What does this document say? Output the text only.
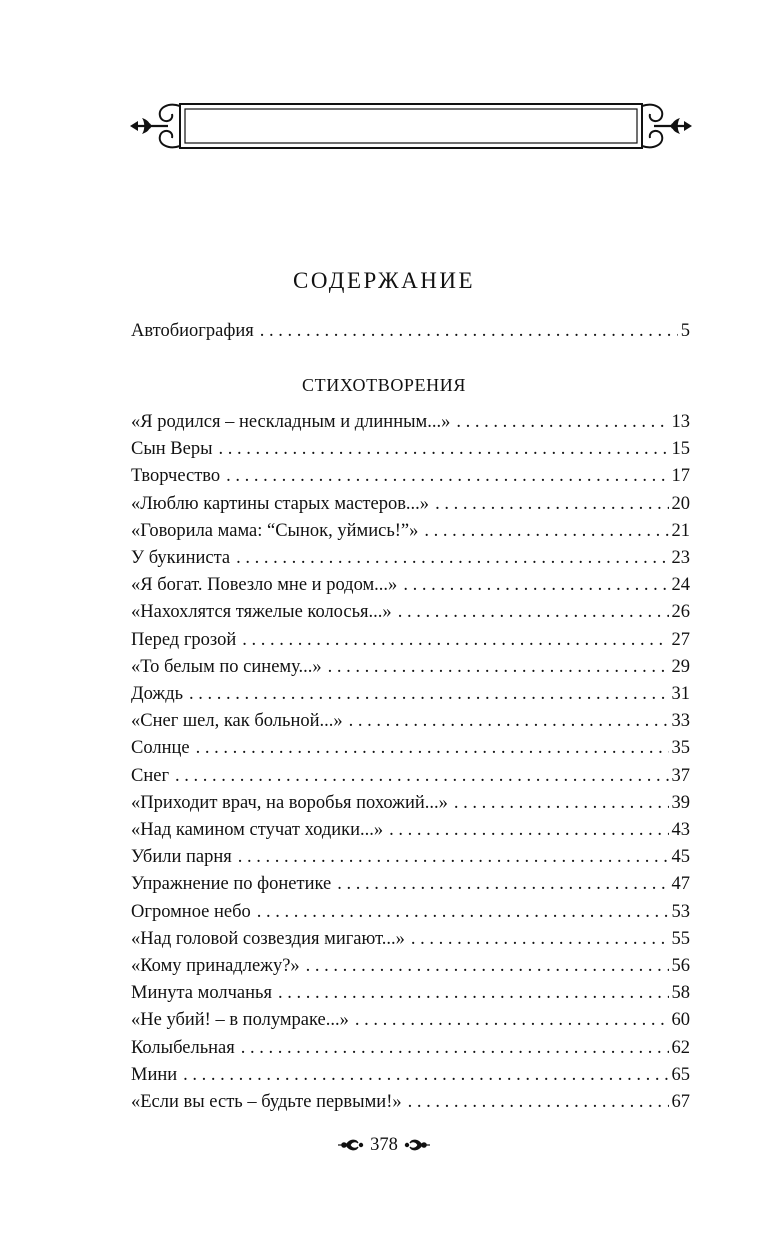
СОДЕРЖАНИЕ
Автобиография . . .	5
СТИХОТВОРЕНИЯ
«Я родился – нескладным и длинным...» . . .	13
Сын Веры . . .	15
Творчество . . .	17
«Люблю картины старых мастеров...» . . .	20
«Говорила мама: “Сынок, уймись!”» . . .	21
У букиниста . . .	23
«Я богат. Повезло мне и родом...» . . .	24
«Нахохлятся тяжелые колосья...» . . .	26
Перед грозой . . .	27
«То белым по синему...» . . .	29
Дождь . . .	31
«Снег шел, как больной...» . . .	33
Солнце . . .	35
Снег . . .	37
«Приходит врач, на воробья похожий...» . . .	39
«Над камином стучат ходики...» . . .	43
Убили парня . . .	45
Упражнение по фонетике . . .	47
Огромное небо . . .	53
«Над головой созвездия мигают...» . . .	55
«Кому принадлежу?» . . .	56
Минута молчанья . . .	58
«Не убий! – в полумраке...» . . .	60
Колыбельная . . .	62
Мини . . .	65
«Если вы есть – будьте первыми!» . . .	67
378
